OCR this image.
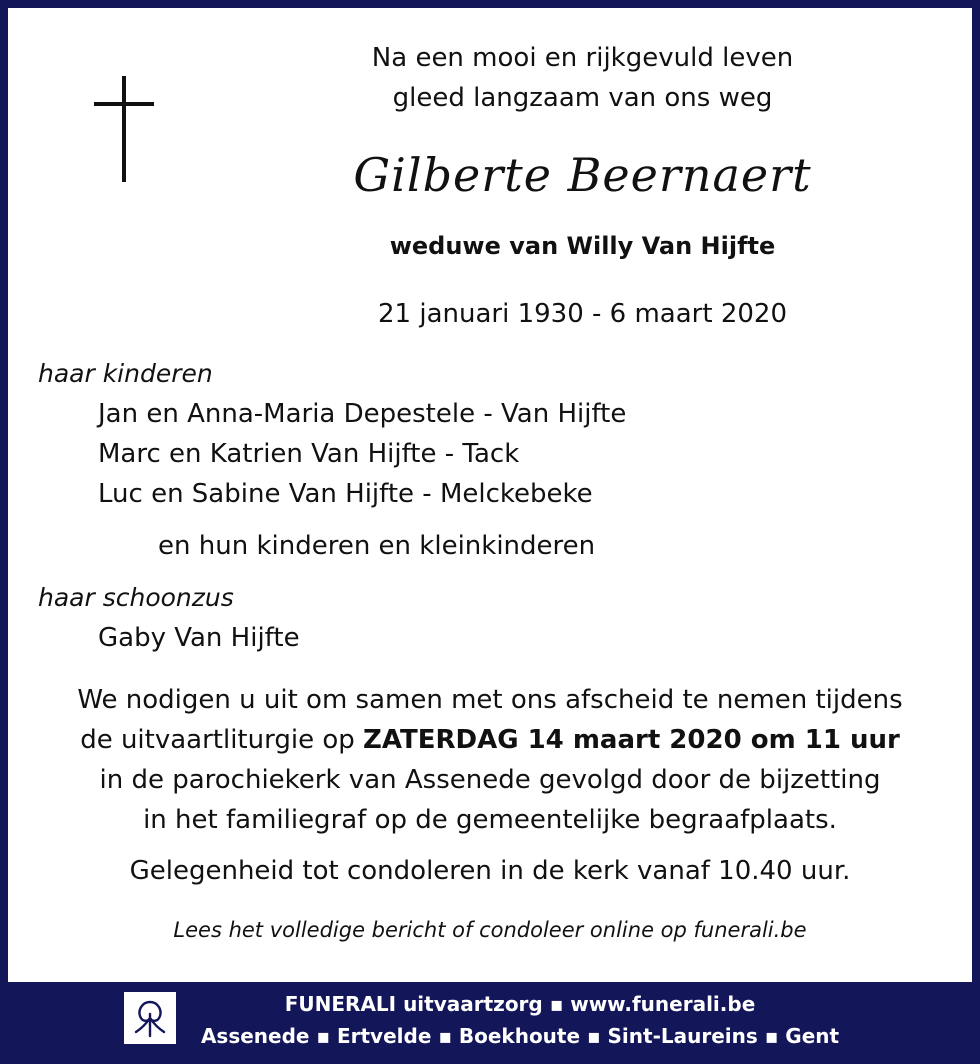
Na een mooi en rijkgevuld leven
gleed langzaam van ons weg
Gilberte Beernaert
weduwe van Willy Van Hijfte
21 januari 1930 - 6 maart 2020
haar kinderen
Jan en Anna-Maria Depestele - Van Hijfte
Marc en Katrien Van Hijfte - Tack
Luc en Sabine Van Hijfte - Melckebeke
en hun kinderen en kleinkinderen
haar schoonzus
Gaby Van Hijfte
We nodigen u uit om samen met ons afscheid te nemen tijdens
de uitvaartliturgie op ZATERDAG 14 maart 2020 om 11 uur
in de parochiekerk van Assenede gevolgd door de bijzetting
in het familiegraf op de gemeentelijke begraafplaats.
Gelegenheid tot condoleren in de kerk vanaf 10.40 uur.
Lees het volledige bericht of condoleer online op funerali.be
FUNERALI uitvaartzorg ▪ www.funerali.be
Assenede ▪ Ertvelde ▪ Boekhoute ▪ Sint-Laureins ▪ Gent
